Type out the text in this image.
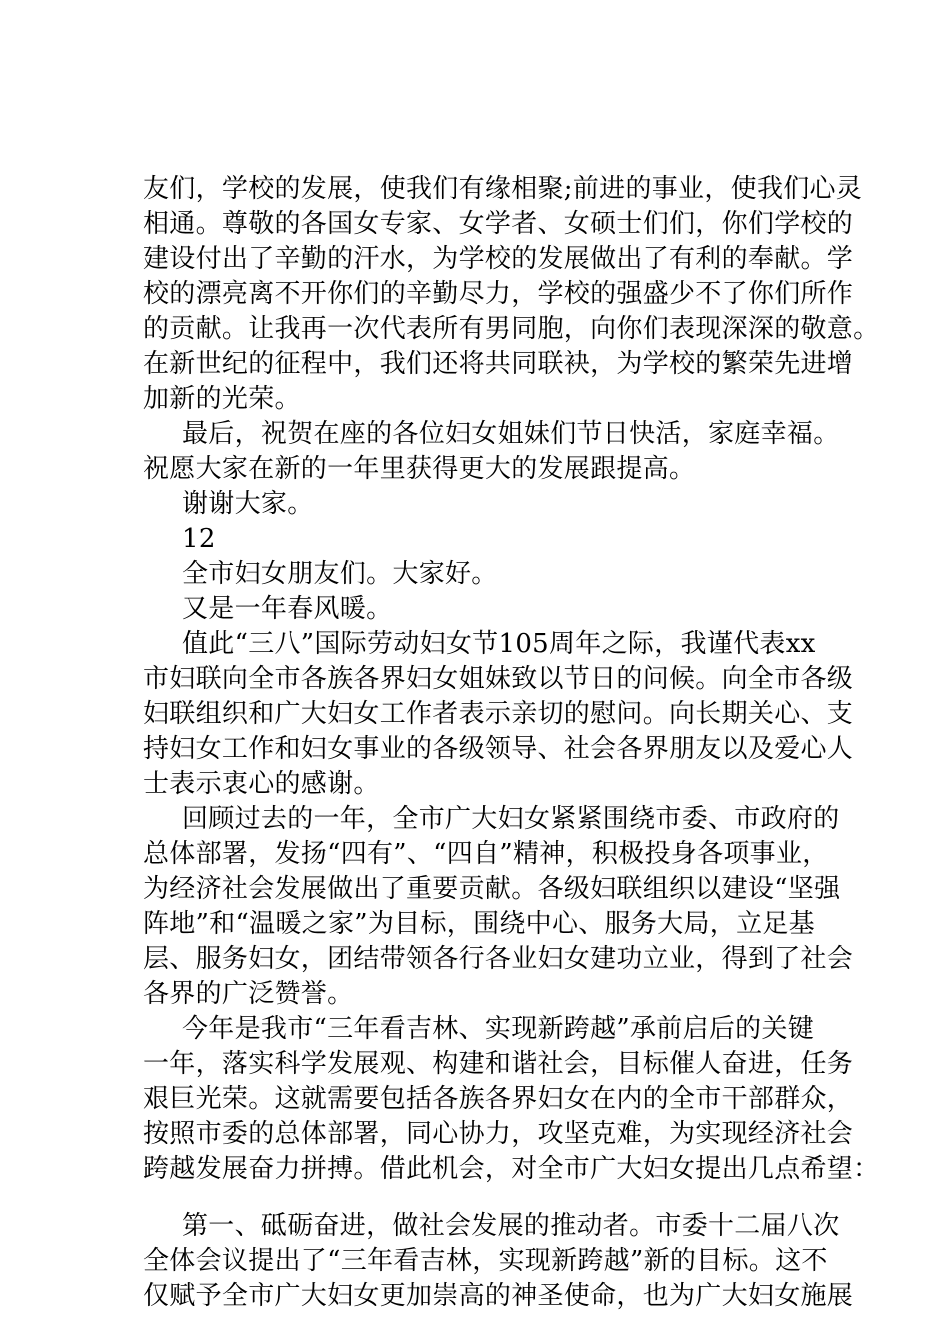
友们，学校的发展，使我们有缘相聚;前进的事业，使我们心灵
相通。尊敬的各国女专家、女学者、女硕士们们，你们学校的
建设付出了辛勤的汗水，为学校的发展做出了有利的奉献。学
校的漂亮离不开你们的辛勤尽力，学校的强盛少不了你们所作
的贡献。让我再一次代表所有男同胞，向你们表现深深的敬意。
在新世纪的征程中，我们还将共同联袂，为学校的繁荣先进增
加新的光荣。
最后，祝贺在座的各位妇女姐妹们节日快活，家庭幸福。
祝愿大家在新的一年里获得更大的发展跟提高。
谢谢大家。
12
全市妇女朋友们。大家好。
又是一年春风暖。
值此“三八”国际劳动妇女节105周年之际，我谨代表xx
市妇联向全市各族各界妇女姐妹致以节日的问候。向全市各级
妇联组织和广大妇女工作者表示亲切的慰问。向长期关心、支
持妇女工作和妇女事业的各级领导、社会各界朋友以及爱心人
士表示衷心的感谢。
回顾过去的一年，全市广大妇女紧紧围绕市委、市政府的
总体部署，发扬“四有”、“四自”精神，积极投身各项事业，
为经济社会发展做出了重要贡献。各级妇联组织以建设“坚强
阵地”和“温暖之家”为目标，围绕中心、服务大局，立足基
层、服务妇女，团结带领各行各业妇女建功立业，得到了社会
各界的广泛赞誉。
今年是我市“三年看吉林、实现新跨越”承前启后的关键
一年，落实科学发展观、构建和谐社会，目标催人奋进，任务
艰巨光荣。这就需要包括各族各界妇女在内的全市干部群众，
按照市委的总体部署，同心协力，攻坚克难，为实现经济社会
跨越发展奋力拼搏。借此机会，对全市广大妇女提出几点希望：
第一、砥砺奋进，做社会发展的推动者。市委十二届八次
全体会议提出了“三年看吉林，实现新跨越”新的目标。这不
仅赋予全市广大妇女更加崇高的神圣使命，也为广大妇女施展
